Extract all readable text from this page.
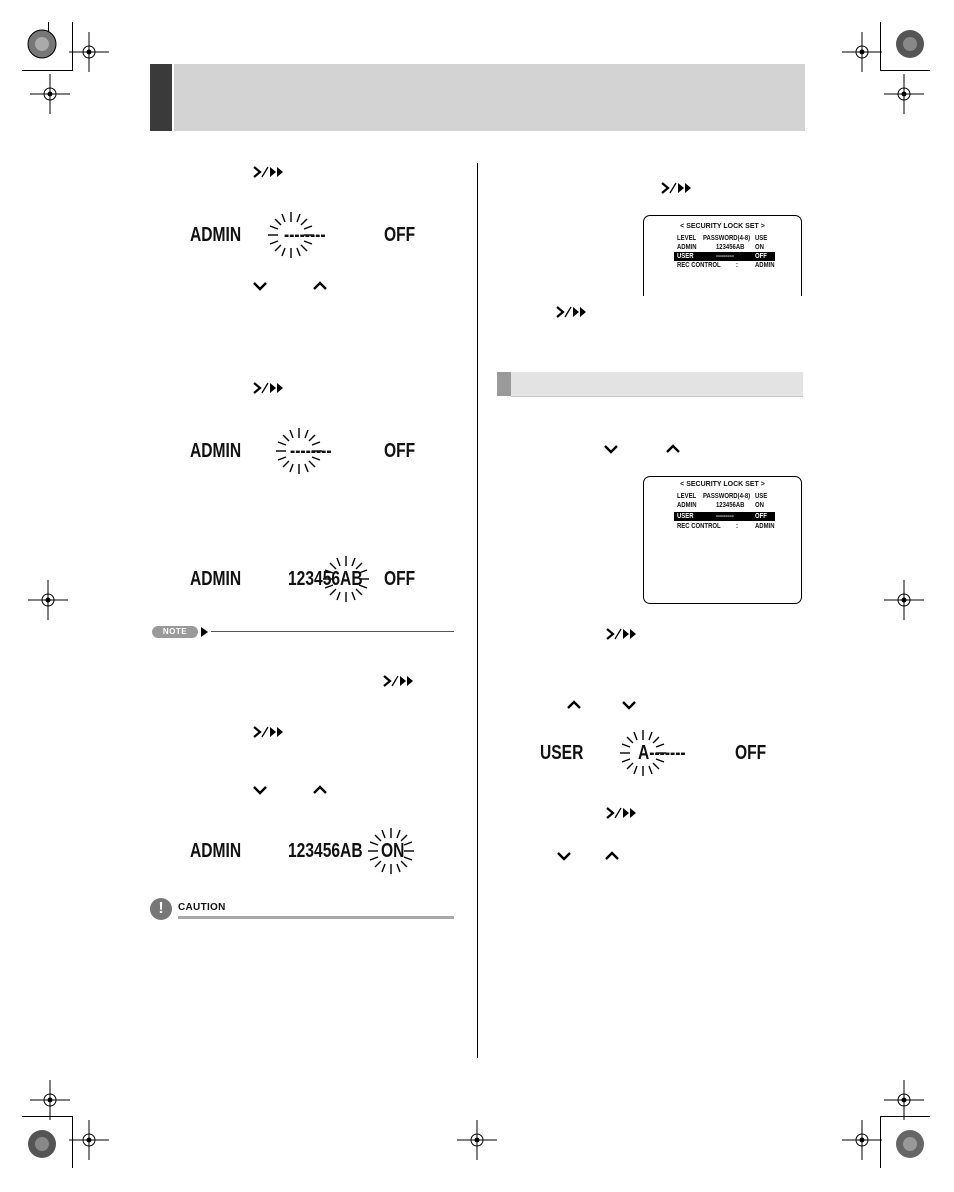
ADMIN --------	OFF
ADMIN --------	OFF
ADMIN 123456AB OFF
NOTE
ADMIN 123456AB ON
!	CAUTION
< SECURITY LOCK SET >
LEVEL PASSWORD(4-8) USE
ADMIN	123456AB ON
USER	---------	OFF
REC CONTROL : ADMIN
< SECURITY LOCK SET >
LEVEL PASSWORD(4-8) USE
ADMIN	123456AB ON
USER	---------	OFF
REC CONTROL : ADMIN
USER	A------- OFF
